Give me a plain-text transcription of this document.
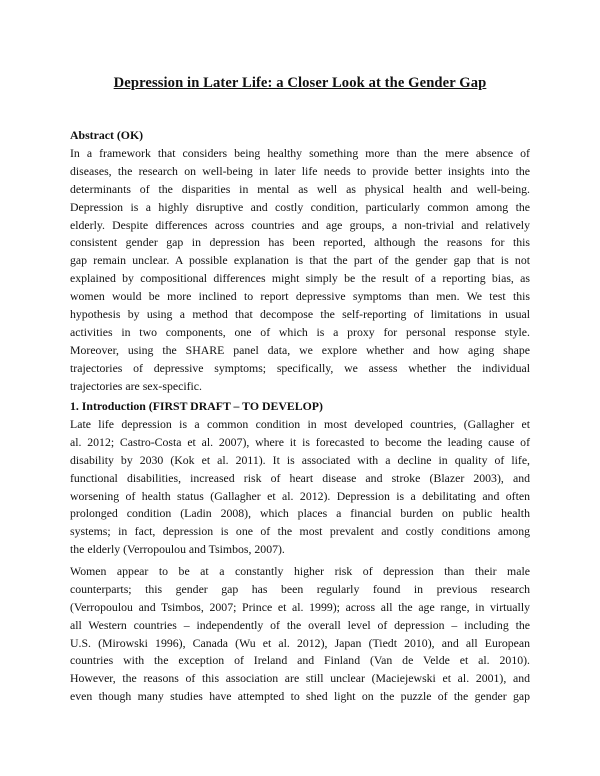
Depression in Later Life: a Closer Look at the Gender Gap
Abstract (OK)
In a framework that considers being healthy something more than the mere absence of
diseases, the research on well-being in later life needs to provide better insights into the
determinants of the disparities in mental as well as physical health and well-being.
Depression is a highly disruptive and costly condition, particularly common among the
elderly. Despite differences across countries and age groups, a non-trivial and relatively
consistent gender gap in depression has been reported, although the reasons for this
gap remain unclear. A possible explanation is that the part of the gender gap that is not
explained by compositional differences might simply be the result of a reporting bias, as
women would be more inclined to report depressive symptoms than men. We test this
hypothesis by using a method that decompose the self-reporting of limitations in usual
activities in two components, one of which is a proxy for personal response style.
Moreover, using the SHARE panel data, we explore whether and how aging shape
trajectories of depressive symptoms; specifically, we assess whether the individual
trajectories are sex-specific.
1. Introduction (FIRST DRAFT – TO DEVELOP)
Late life depression is a common condition in most developed countries, (Gallagher et
al. 2012; Castro-Costa et al. 2007), where it is forecasted to become the leading cause of
disability by 2030 (Kok et al. 2011). It is associated with a decline in quality of life,
functional disabilities, increased risk of heart disease and stroke (Blazer 2003), and
worsening of health status (Gallagher et al. 2012). Depression is a debilitating and often
prolonged condition (Ladin 2008), which places a financial burden on public health
systems; in fact, depression is one of the most prevalent and costly conditions among
the elderly (Verropoulou and Tsimbos, 2007).
Women appear to be at a constantly higher risk of depression than their male
counterparts; this gender gap has been regularly found in previous research
(Verropoulou and Tsimbos, 2007; Prince et al. 1999); across all the age range, in virtually
all Western countries – independently of the overall level of depression – including the
U.S. (Mirowski 1996), Canada (Wu et al. 2012), Japan (Tiedt 2010), and all European
countries with the exception of Ireland and Finland (Van de Velde et al. 2010).
However, the reasons of this association are still unclear (Maciejewski et al. 2001), and
even though many studies have attempted to shed light on the puzzle of the gender gap
